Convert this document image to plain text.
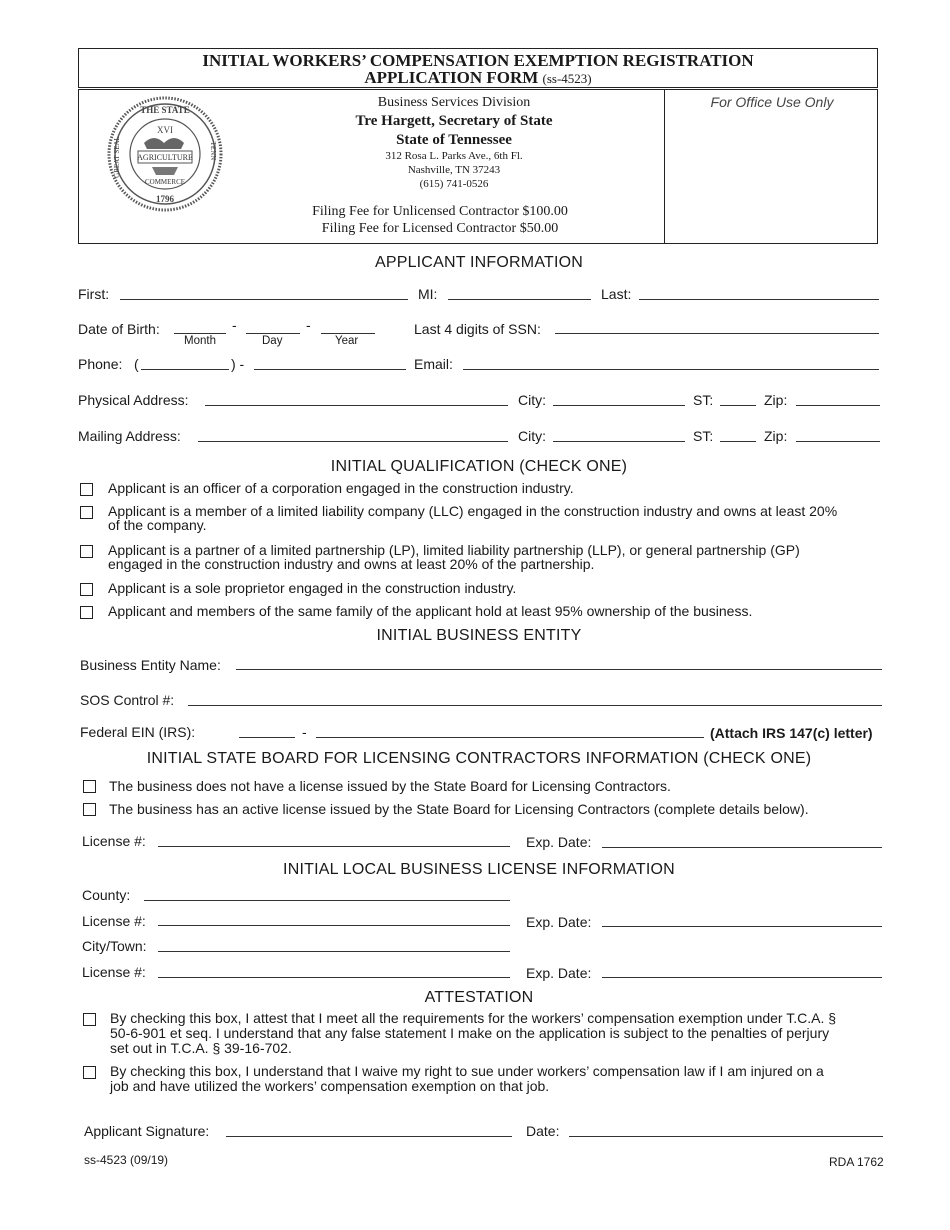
INITIAL WORKERS’ COMPENSATION EXEMPTION REGISTRATION
APPLICATION FORM (ss-4523)
For Office Use Only
THE STATE
XVI
AGRICULTURE
COMMERCE
1796
GREAT SEAL	TENN
Business Services Division
Tre Hargett, Secretary of State
State of Tennessee
312 Rosa L. Parks Ave., 6th Fl.
Nashville, TN 37243
(615) 741-0526
Filing Fee for Unlicensed Contractor $100.00
Filing Fee for Licensed Contractor $50.00
APPLICANT INFORMATION
First:	MI:	Last:
Date of Birth:	-	-
Month	Day	Year
Last 4 digits of SSN:
Phone: (	) -	Email:
Physical Address:	City:	ST:	Zip:
Mailing Address:	City:	ST:	Zip:
INITIAL QUALIFICATION (CHECK ONE)
Applicant is an officer of a corporation engaged in the construction industry.
Applicant is a member of a limited liability company (LLC) engaged in the construction industry and owns at least 20%
of the company.
Applicant is a partner of a limited partnership (LP), limited liability partnership (LLP), or general partnership (GP)
engaged in the construction industry and owns at least 20% of the partnership.
Applicant is a sole proprietor engaged in the construction industry.
Applicant and members of the same family of the applicant hold at least 95% ownership of the business.
INITIAL BUSINESS ENTITY
Business Entity Name:
SOS Control #:
Federal EIN (IRS):	-	(Attach IRS 147(c) letter)
INITIAL STATE BOARD FOR LICENSING CONTRACTORS INFORMATION (CHECK ONE)
The business does not have a license issued by the State Board for Licensing Contractors.
The business has an active license issued by the State Board for Licensing Contractors (complete details below).
License #:	Exp. Date:
INITIAL LOCAL BUSINESS LICENSE INFORMATION
County:
License #:	Exp. Date:
City/Town:
License #:	Exp. Date:
ATTESTATION
By checking this box, I attest that I meet all the requirements for the workers’ compensation exemption under T.C.A. §
50-6-901 et seq. I understand that any false statement I make on the application is subject to the penalties of perjury
set out in T.C.A. § 39-16-702.
By checking this box, I understand that I waive my right to sue under workers’ compensation law if I am injured on a
job and have utilized the workers’ compensation exemption on that job.
Applicant Signature:	Date:
ss-4523 (09/19)	RDA 1762
